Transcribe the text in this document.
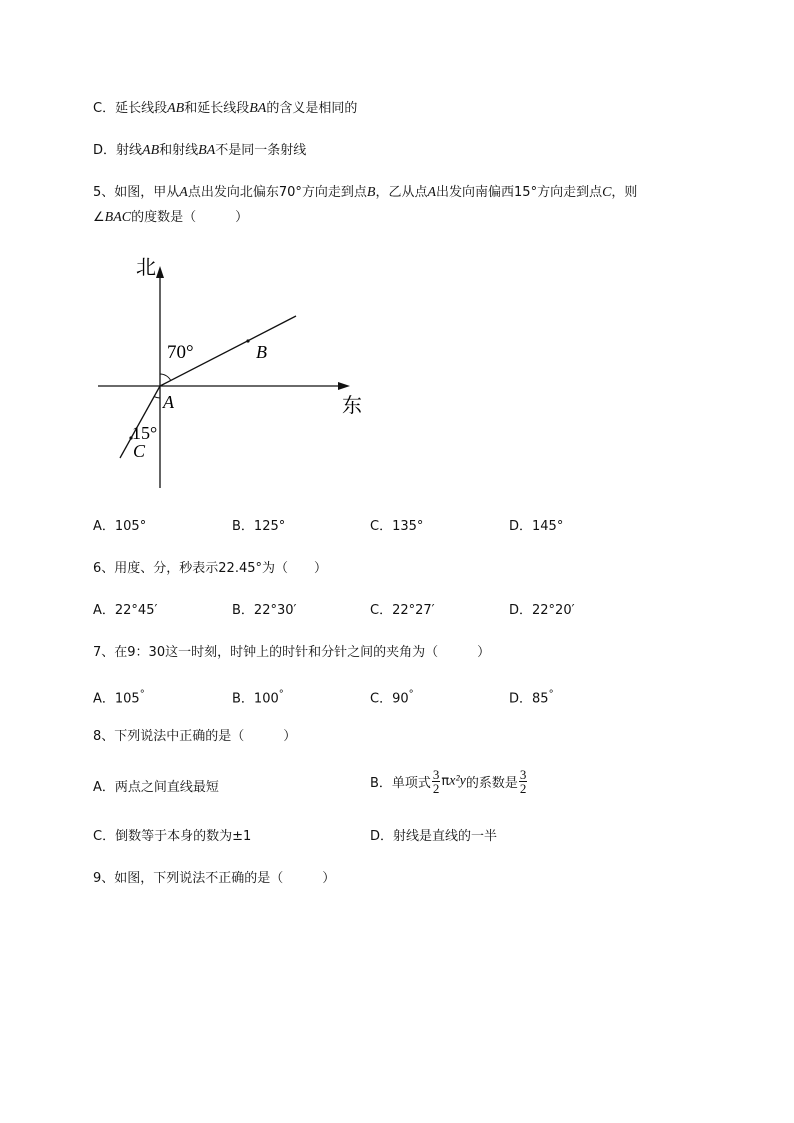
C．延长线段AB和延长线段BA的含义是相同的
D．射线AB和射线BA不是同一条射线
5、如图，甲从A点出发向北偏东70°方向走到点B，乙从点A出发向南偏西15°方向走到点C，则
∠BAC的度数是（　　　）
北
东
70°
15°
A
B
C
A．105°	B．125°	C．135°	D．145°
6、用度、分，秒表示22.45°为（　　）
A．22°45′	B．22°30′	C．22°27′	D．22°20′
7、在9：30这一时刻，时钟上的时针和分针之间的夹角为（　　　）
A．105°	B．100°	C．90°	D．85°
8、下列说法中正确的是（　　　）
A．两点之间直线最短	B．单项式 $\frac{3}{2} \pi x^2y$的系数是 $\frac{3}{2}$
C．倒数等于本身的数为±1	D．射线是直线的一半
9、如图，下列说法不正确的是（　　　）
